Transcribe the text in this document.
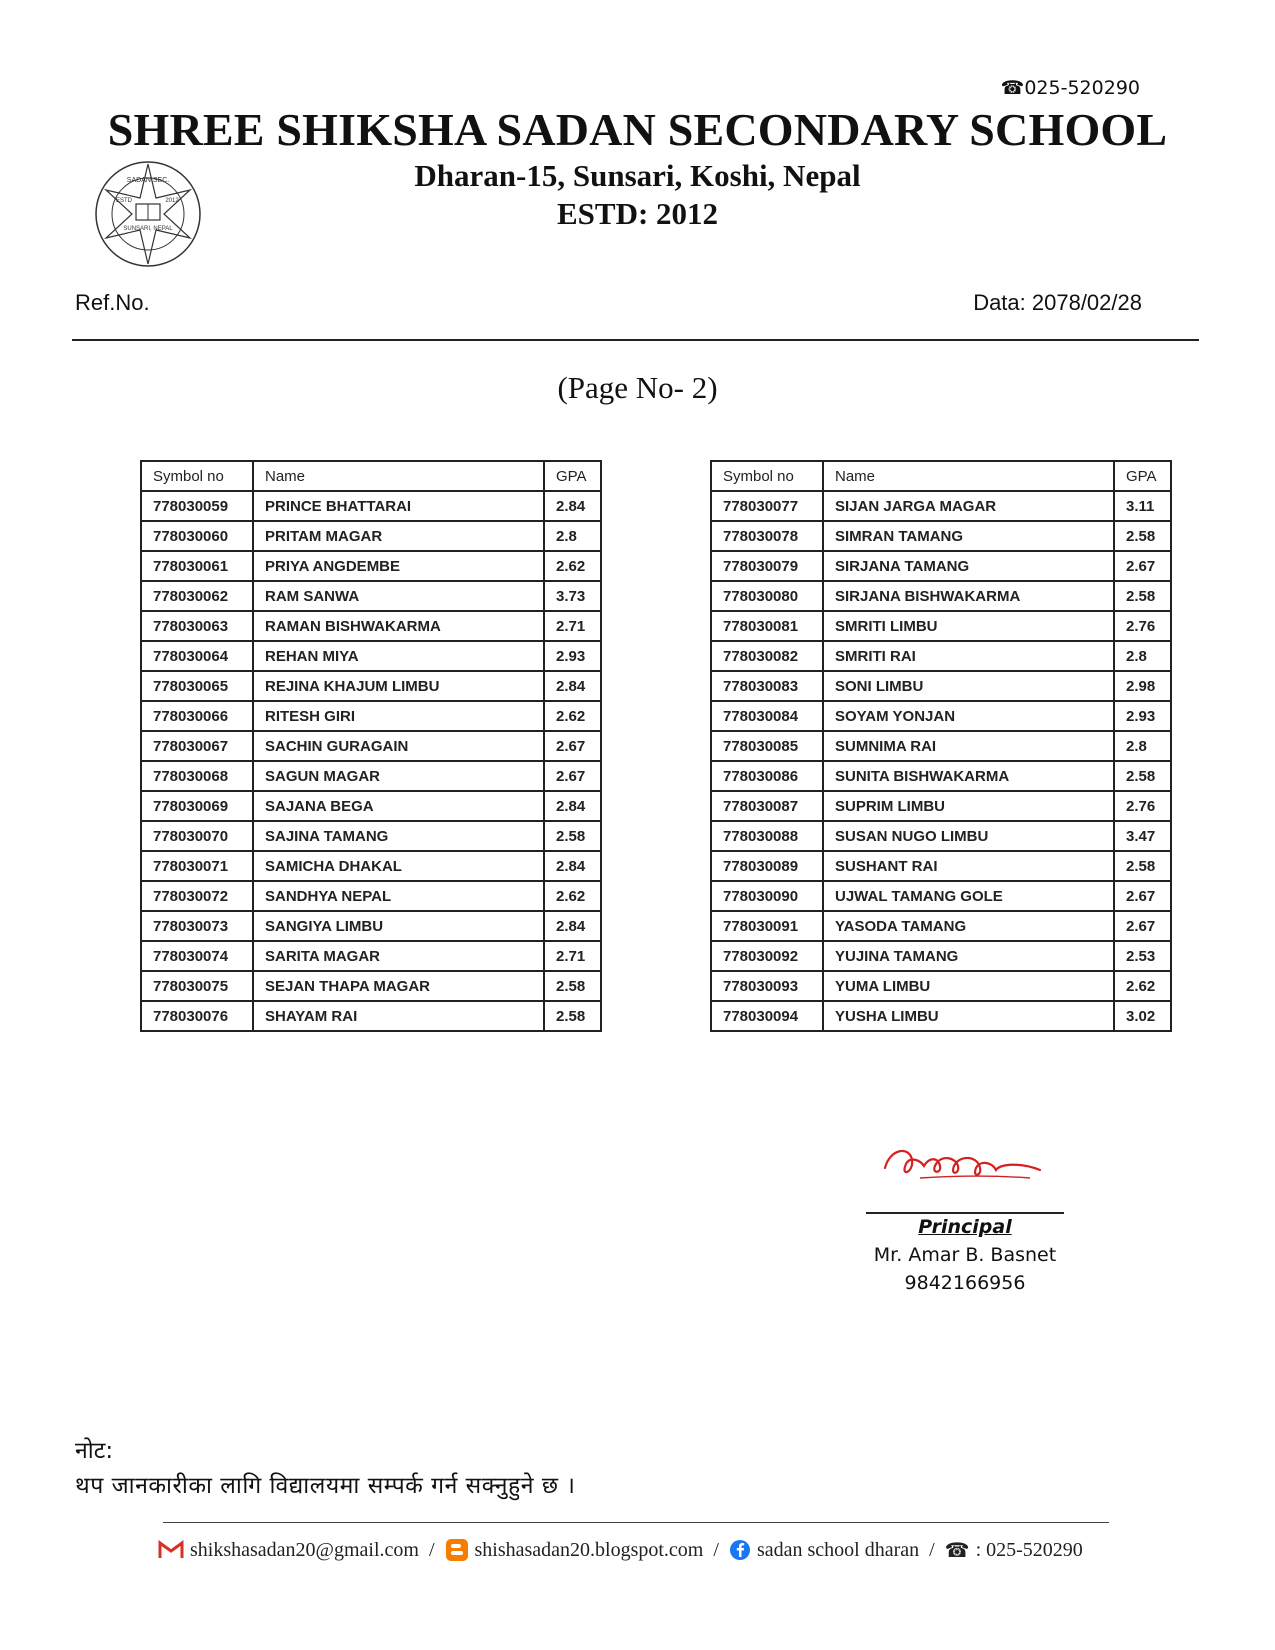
☎025-520290
SHREE SHIKSHA SADAN SECONDARY SCHOOL
SADAN SEC.
ESTD	2012
SUNSARI, NEPAL
Dharan-15, Sunsari, Koshi, Nepal
ESTD: 2012
Ref.No.	Data: 2078/02/28
(Page No- 2)
Symbol no	Name	GPA
778030059	PRINCE BHATTARAI	2.84
778030060	PRITAM MAGAR	2.8
778030061	PRIYA ANGDEMBE	2.62
778030062	RAM SANWA	3.73
778030063	RAMAN BISHWAKARMA	2.71
778030064	REHAN MIYA	2.93
778030065	REJINA KHAJUM LIMBU	2.84
778030066	RITESH GIRI	2.62
778030067	SACHIN GURAGAIN	2.67
778030068	SAGUN MAGAR	2.67
778030069	SAJANA BEGA	2.84
778030070	SAJINA TAMANG	2.58
778030071	SAMICHA DHAKAL	2.84
778030072	SANDHYA NEPAL	2.62
778030073	SANGIYA LIMBU	2.84
778030074	SARITA MAGAR	2.71
778030075	SEJAN THAPA MAGAR	2.58
778030076	SHAYAM RAI	2.58
Symbol no	Name	GPA
778030077	SIJAN JARGA MAGAR	3.11
778030078	SIMRAN TAMANG	2.58
778030079	SIRJANA TAMANG	2.67
778030080	SIRJANA BISHWAKARMA	2.58
778030081	SMRITI LIMBU	2.76
778030082	SMRITI RAI	2.8
778030083	SONI LIMBU	2.98
778030084	SOYAM YONJAN	2.93
778030085	SUMNIMA RAI	2.8
778030086	SUNITA BISHWAKARMA	2.58
778030087	SUPRIM LIMBU	2.76
778030088	SUSAN NUGO LIMBU	3.47
778030089	SUSHANT RAI	2.58
778030090	UJWAL TAMANG GOLE	2.67
778030091	YASODA TAMANG	2.67
778030092	YUJINA TAMANG	2.53
778030093	YUMA LIMBU	2.62
778030094	YUSHA LIMBU	3.02
Principal
Mr. Amar B. Basnet
9842166956
नोट:
थप जानकारीका लागि विद्यालयमा सम्पर्क गर्न सक्नुहुने छ ।
shikshasadan20@gmail.com / shishasadan20.blogspot.com / sadan school dharan / ☎ : 025-520290
